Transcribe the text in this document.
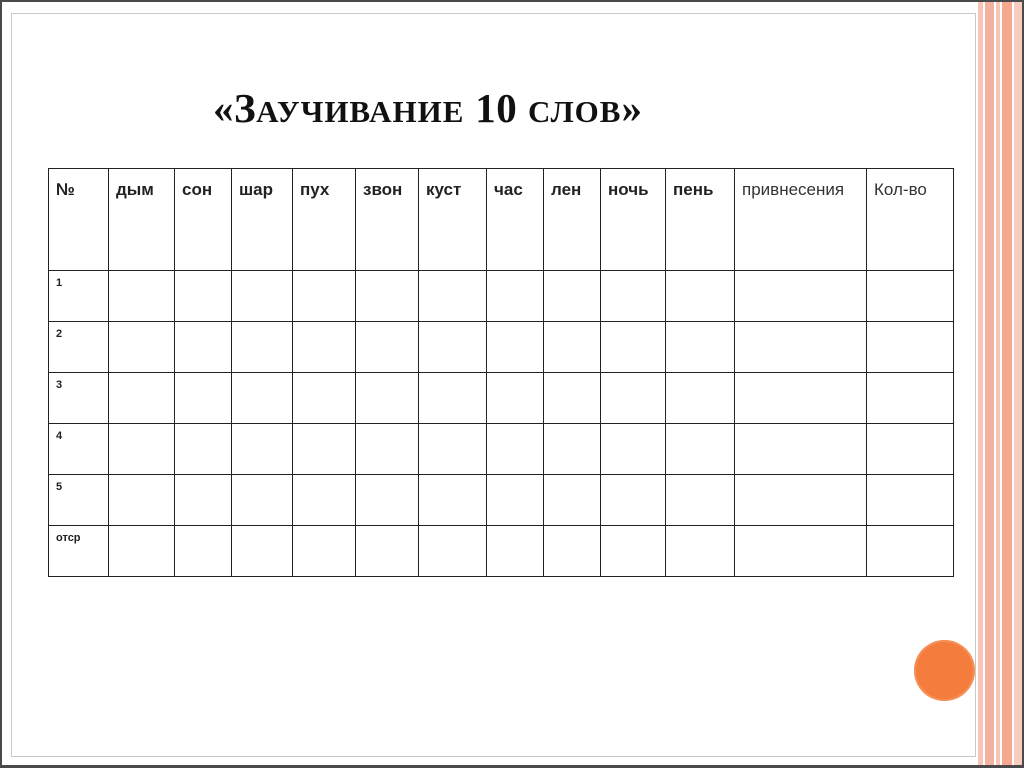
«ЗАУЧИВАНИЕ 10 СЛОВ»
№	дым	сон	шар	пух	звон	куст	час	лен	ночь	пень	привнесения	Кол-во
1												
2												
3												
4												
5												
отср												
